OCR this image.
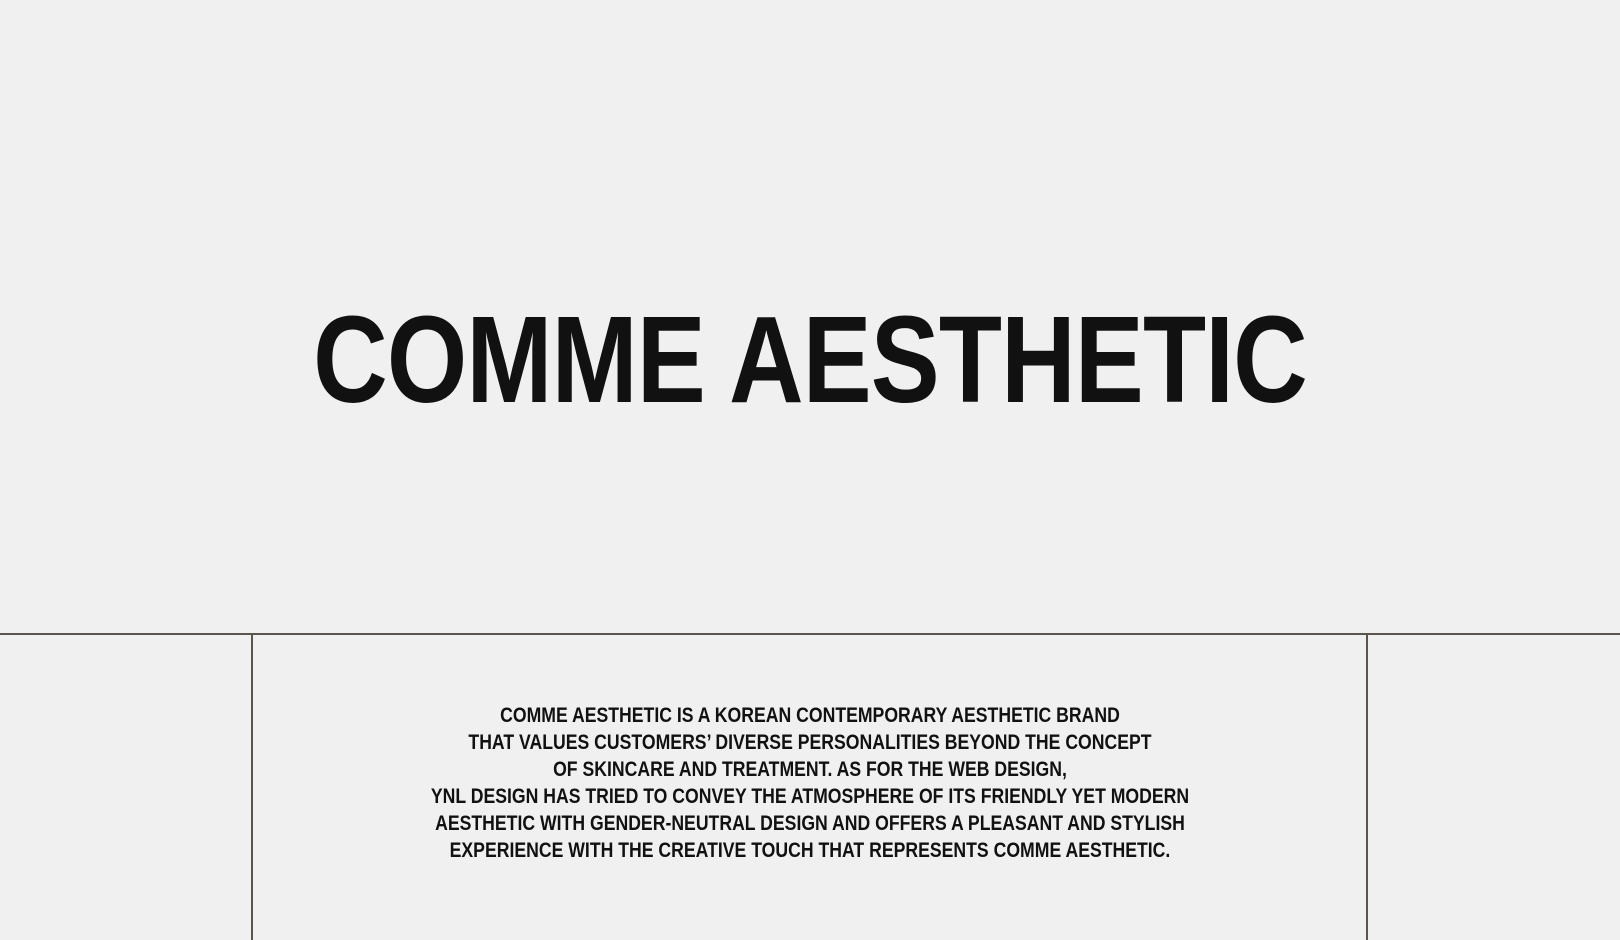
COMME AESTHETIC
COMME AESTHETIC IS A KOREAN CONTEMPORARY AESTHETIC BRAND
THAT VALUES CUSTOMERS’ DIVERSE PERSONALITIES BEYOND THE CONCEPT
OF SKINCARE AND TREATMENT. AS FOR THE WEB DESIGN,
YNL DESIGN HAS TRIED TO CONVEY THE ATMOSPHERE OF ITS FRIENDLY YET MODERN
AESTHETIC WITH GENDER-NEUTRAL DESIGN AND OFFERS A PLEASANT AND STYLISH
EXPERIENCE WITH THE CREATIVE TOUCH THAT REPRESENTS COMME AESTHETIC.
